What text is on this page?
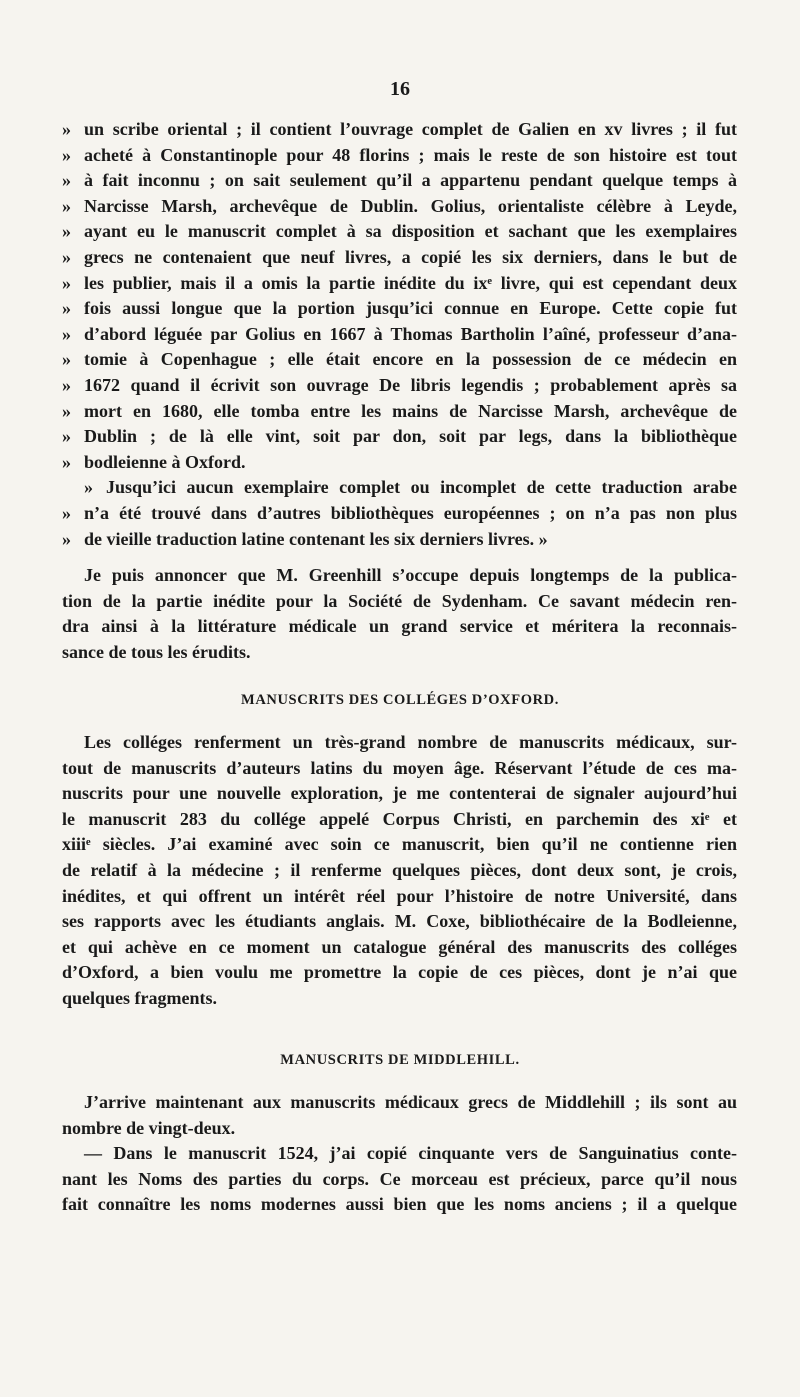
16
» un scribe oriental ; il contient l’ouvrage complet de Galien en xv livres ; il fut
» acheté à Constantinople pour 48 florins ; mais le reste de son histoire est tout
» à fait inconnu ; on sait seulement qu’il a appartenu pendant quelque temps à
» Narcisse Marsh, archevêque de Dublin. Golius, orientaliste célèbre à Leyde,
» ayant eu le manuscrit complet à sa disposition et sachant que les exemplaires
» grecs ne contenaient que neuf livres, a copié les six derniers, dans le but de
» les publier, mais il a omis la partie inédite du ixᵉ livre, qui est cependant deux
» fois aussi longue que la portion jusqu’ici connue en Europe. Cette copie fut
» d’abord léguée par Golius en 1667 à Thomas Bartholin l’aîné, professeur d’ana-
» tomie à Copenhague ; elle était encore en la possession de ce médecin en
» 1672 quand il écrivit son ouvrage De libris legendis ; probablement après sa
» mort en 1680, elle tomba entre les mains de Narcisse Marsh, archevêque de
» Dublin ; de là elle vint, soit par don, soit par legs, dans la bibliothèque
» bodleienne à Oxford.
» Jusqu’ici aucun exemplaire complet ou incomplet de cette traduction arabe
» n’a été trouvé dans d’autres bibliothèques européennes ; on n’a pas non plus
» de vieille traduction latine contenant les six derniers livres. »
Je puis annoncer que M. Greenhill s’occupe depuis longtemps de la publica-
tion de la partie inédite pour la Société de Sydenham. Ce savant médecin ren-
dra ainsi à la littérature médicale un grand service et méritera la reconnais-
sance de tous les érudits.
MANUSCRITS DES COLLÉGES D’OXFORD.
Les colléges renferment un très-grand nombre de manuscrits médicaux, sur-
tout de manuscrits d’auteurs latins du moyen âge. Réservant l’étude de ces ma-
nuscrits pour une nouvelle exploration, je me contenterai de signaler aujourd’hui
le manuscrit 283 du collége appelé Corpus Christi, en parchemin des xiᵉ et
xiiiᵉ siècles. J’ai examiné avec soin ce manuscrit, bien qu’il ne contienne rien
de relatif à la médecine ; il renferme quelques pièces, dont deux sont, je crois,
inédites, et qui offrent un intérêt réel pour l’histoire de notre Université, dans
ses rapports avec les étudiants anglais. M. Coxe, bibliothécaire de la Bodleienne,
et qui achève en ce moment un catalogue général des manuscrits des colléges
d’Oxford, a bien voulu me promettre la copie de ces pièces, dont je n’ai que
quelques fragments.
MANUSCRITS DE MIDDLEHILL.
J’arrive maintenant aux manuscrits médicaux grecs de Middlehill ; ils sont au
nombre de vingt-deux.
— Dans le manuscrit 1524, j’ai copié cinquante vers de Sanguinatius conte-
nant les Noms des parties du corps. Ce morceau est précieux, parce qu’il nous
fait connaître les noms modernes aussi bien que les noms anciens ; il a quelque
